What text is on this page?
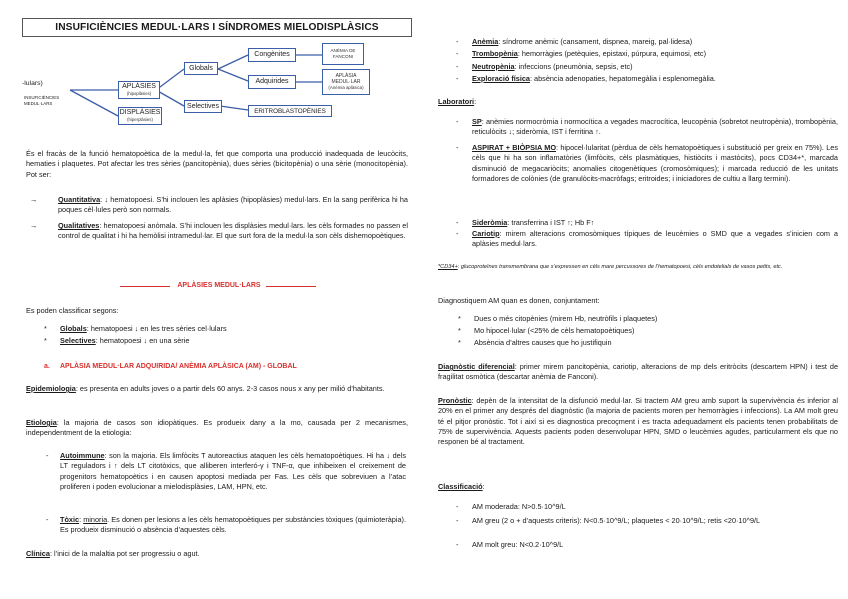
INSUFICIÈNCIES MEDUL·LARS I SÍNDROMES MIELODISPLÀSICS
-lulars)
INSUFICIÈNCIES
MEDUL·LARS
APLÀSIES
(hipoplàsies)
DISPLÀSIES
(hiperplàsies)
Globals
Selectives
Congènites
Adquirides
ANÈMIA DE FANCONI
APLÀSIA MEDUL·LAR
(Anèmia aplàsica)
ERITROBLASTOPÈNIES

És el fracàs de la funció hematopoètica de la medul·la, fet que comporta una producció inadequada de leucòcits, hematies i plaquetes. Pot afectar les tres sèries (pancitopènia), dues sèries (bicitopènia) o una sèrie (monocitopènia). Pot ser:

→	Quantitativa: ↓ hematopoesi. S’hi inclouen les aplàsies (hipoplàsies) medul·lars. En la sang perifèrica hi ha poques cèl·lules però son normals.

→	Qualitatives: hematopoesi anòmala. S’hi inclouen les displàsies medul·lars. les cèls formades no passen el control de qualitat i hi ha hemòlisi intramedul·lar. El que surt fora de la medul·la son cèls dishemopoètiques.

APLÀSIES MEDUL·LARS

Es poden classificar segons:

* Globals: hematopoesi ↓ en les tres sèries cel·lulars

* Selectives: hematopoesi ↓ en una sèrie

a. APLÀSIA MEDUL·LAR ADQUIRIDA/ ANÈMIA APLÀSICA (AM) - GLOBAL

Epidemiologia: es presenta en adults joves o a partir dels 60 anys. 2-3 casos nous x any per milió d’habitants.

Etiologia: la majoria de casos son idiopàtiques. Es produeix dany a la mo, causada per 2 mecanismes, independentment de la etiologia:

- Autoimmune: son la majoria. Els limfòcits T autoreactius ataquen les cèls hematopoètiques. Hi ha ↓ dels LT reguladors i ↑ dels LT citotòxics, que alliberen interferó-γ i TNF-α, que inhibeixen el creixement de progenitors hematopoètics i en causen apoptosi mediada per Fas. Les cèls que sobreviuen a l’atac proliferen i poden evolucionar a mielodisplàsies, LAM, HPN, etc.

- Tòxic: minoria. Es donen per lesions a les cèls hematopoètiques per substàncies tòxiques (quimioteràpia). Es produeix disminució o absència d’aquestes cèls.

Clínica: l’inici de la malaltia pot ser progressiu o agut.

- Anèmia: síndrome anèmic (cansament, dispnea, mareig, pal·lidesa)

- Trombopènia: hemorràgies (petèquies, epistaxi, púrpura, equimosi, etc)

- Neutropènia: infeccions (pneumònia, sepsis, etc)

- Exploració física: absència adenopaties, hepatomegàlia i esplenomegàlia.

Laboratori:

- SP: anèmies normocròmia i normocítica a vegades macrocítica, leucopènia (sobretot neutropènia), trombopènia, reticulòcits ↓; sideròmia, IST i ferritina ↑.

- ASPIRAT + BIÒPSIA MO: hipocel·lularitat (pèrdua de cèls hematopoètiques i substitució per greix en 75%). Les cèls que hi ha son inflamatòries (limfòcits, cèls plasmàtiques, histiòcits i mastòcits), pocs CD34+*, marcada disminució de megacariòcits; anomalies citogenètiques (cromosòmiques); i marcada reducció de les unitats formadores de colònies (de granulòcits-macròfags; eritroides; i iniciadores de cultiu a llarg termini).

- Sideròmia: transferrina i IST ↑; Hb F↑

- Cariotip: mirem alteracions cromosòmiques típiques de leucèmies o SMD que a vegades s’inicien com a aplàsies medul·lars.

*CD34+: glucoproteïnes transmembrana que s’expressen en cèls mare percussores de l’hematopoesi, cèls endotelials de vasos petits, etc.

Diagnostiquem AM quan es donen, conjuntament:

* Dues o més citopènies (mirem Hb, neutròfils i plaquetes)
* Mo hipocel·lular (<25% de cèls hematopoètiques)
* Absència d’altres causes que ho justifiquin

Diagnòstic diferencial: primer mirem pancitopènia, cariotip, alteracions de mp dels eritròcits (descartem HPN) i test de fragilitat osmòtica (descartar anèmia de Fanconi).

Pronòstic: depèn de la intensitat de la disfunció medul·lar. Si tractem AM greu amb suport la supervivència és inferior al 20% en el primer any després del diagnòstic (la majoria de pacients moren per hemorràgies i infeccions). La AM molt greu té el pitjor pronòstic. Tot i així si es diagnostica precoçment i es tracta adequadament els pacients tenen probabilitats de 75% de supervivència. Aquests pacients poden desenvolupar HPN, SMD o leucèmies agudes, particularment els que no responen bé al tractament.

Classificació:

- AM moderada: N>0.5·10^9/L

- AM greu (2 o + d’aquests criteris): N<0.5·10^9/L; plaquetes < 20·10^9/L; retis <20·10^9/L

- AM molt greu: N<0.2·10^9/L
